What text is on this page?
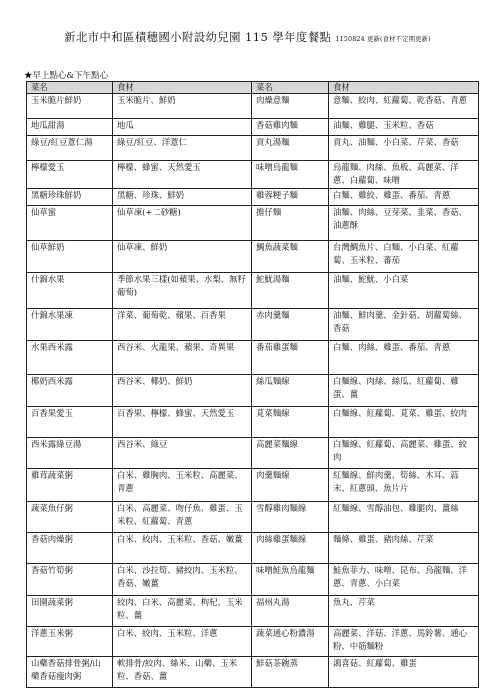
新北市中和區積穗國小附設幼兒園 115 學年度餐點 1150824 更新(食材不定期更新)
★早上點心&下午點心
菜名	食材	菜名	食材
玉米脆片鮮奶	玉米脆片、鮮奶	肉燥意麵	意麵、絞肉、紅蘿蔔、乾香菇、青蔥
地瓜甜湯	地瓜	香菇雞肉麵	油麵、雞腿、玉米粒、香菇
綠豆/紅豆薏仁湯	綠豆/紅豆、洋薏仁	貢丸湯麵	貢丸、油麵、小白菜、芹菜、香菇
檸檬愛玉	檸檬、蜂蜜、天然愛玉	味噌烏龍麵	烏龍麵、肉絲、魚板、高麗菜、洋蔥、白蘿蔔、味噌
黑糖珍珠鮮奶	黑糖、珍珠、鮮奶	雞蓉粳子麵	白麵、雞絞、雞蛋、番茄、青蔥
仙草蜜	仙草凍(+二砂糖)	擔仔麵	油麵、肉絲、豆芽菜、韭菜、香菇、油蔥酥
仙草鮮奶	仙草凍、鮮奶	鯛魚蔬菜麵	台灣鯛魚片、白麵、小白菜、紅蘿蔔、玉米粒、蕃茄
什錦水果	季節水果三樣(如蘋果、水梨、無籽葡萄)	鮀魷湯麵	油麵、鮀魷、小白菜
什錦水果凍	洋菜、葡萄乾、蘋果、百香果	赤肉羹麵	油麵、鮮肉羹、金針菇、胡蘿蔔絲、香菇
水果西米露	西谷米、火龍果、蘋果、奇異果	番茄雞蛋麵	白麵、肉絲、雞蛋、番茄、青蔥
椰奶西米露	西谷米、椰奶、鮮奶	絲瓜麵線	白麵線、肉絲、絲瓜、紅蘿蔔、雞蛋、薑
百香果愛玉	百香果、檸檬、蜂蜜、天然愛玉	莧菜麵線	白麵線、紅蘿蔔、莧菜、雞蛋、絞肉
西米露綠豆湯	西谷米、綠豆	高麗菜麵線	白麵線、紅蘿蔔、高麗菜、雞蛋、絞肉
雞茸蔬菜粥	白米、雞胸肉、玉米粒、高麗菜、青蔥	肉羹麵線	紅麵線、鮮肉羹、筍絲、木耳、蒜末、紅蔥頭、魚片片
蔬菜魚仔粥	白米、高麗菜、吻仔魚、雞蛋、玉米粒、紅蘿蔔、青蔥	雪醇雞肉麵線	紅麵線、雪醇油包、雞腿肉、薑絲
香菇肉燥粥	白米、絞肉、玉米粒、香菇、嫩薑	肉絲雞蛋麵線	麵條、雞蛋、豬肉絲、芹菜
香菇竹筍粥	白米、沙拉筍、豬絞肉、玉米粒、香菇、嫩薑	味噌鮭魚烏龍麵	鮭魚菲力、味噌、昆布、烏龍麵、洋蔥、青蔥、小白菜
田園蔬菜粥	絞肉、白米、高麗菜、枸杞、玉米粒、薑	福州丸湯	魚丸、芹菜
洋蔥玉米粥	白米、絞肉、玉米粒、洋蔥	蔬菜通心粉濃湯	高麗菜、洋菇、洋蔥、馬鈴薯、通心粉、中筋麵粉
山藥香菇排骨粥/山藥香菇瘦肉粥	軟排骨/絞肉、絲米、山藥、玉米粒、香菇、薑	鮮菇茶碗蒸	鴻喜菇、紅蘿蔔、雞蛋
